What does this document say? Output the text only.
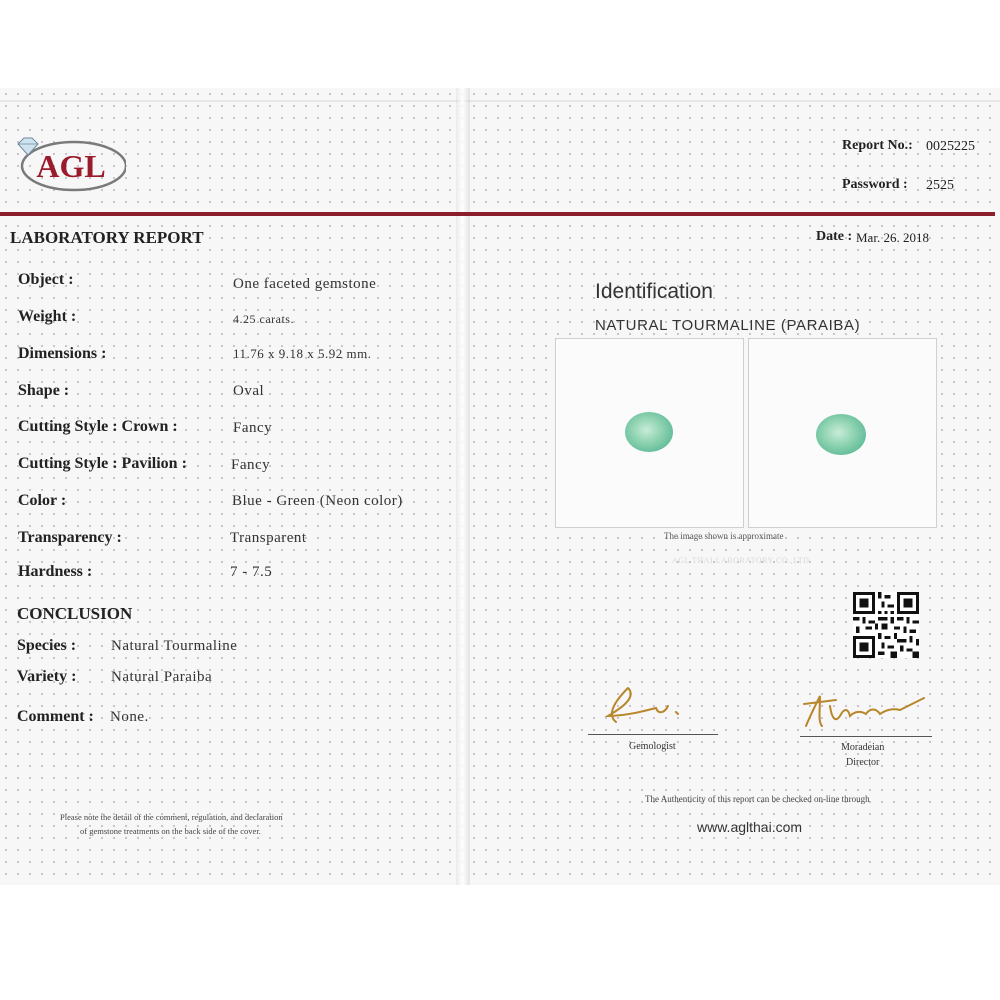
AGL
LABORATORY REPORT
Object :	One faceted gemstone
Weight :	4.25 carats.
Dimensions :	11.76 x 9.18 x 5.92 mm.
Shape :	Oval
Cutting Style : Crown :	Fancy
Cutting Style : Pavilion :	Fancy
Color :	Blue - Green (Neon color)
Transparency :	Transparent
Hardness :	7 - 7.5
CONCLUSION
Species : Natural Tourmaline
Variety : Natural Paraiba
Comment : None.
Please note the detail of the comment, regulation, and declaration
of gemstone treatments on the back side of the cover.
Report No.: 0025225
Password : 2525
Date : Mar. 26. 2018
Identification
NATURAL TOURMALINE (PARAIBA)
The image shown is approximate
AGL THAI LABORATORY CO.,LTD.
Gemologist	Moradeian
Director
The Authenticity of this report can be checked on-line through
www.aglthai.com
